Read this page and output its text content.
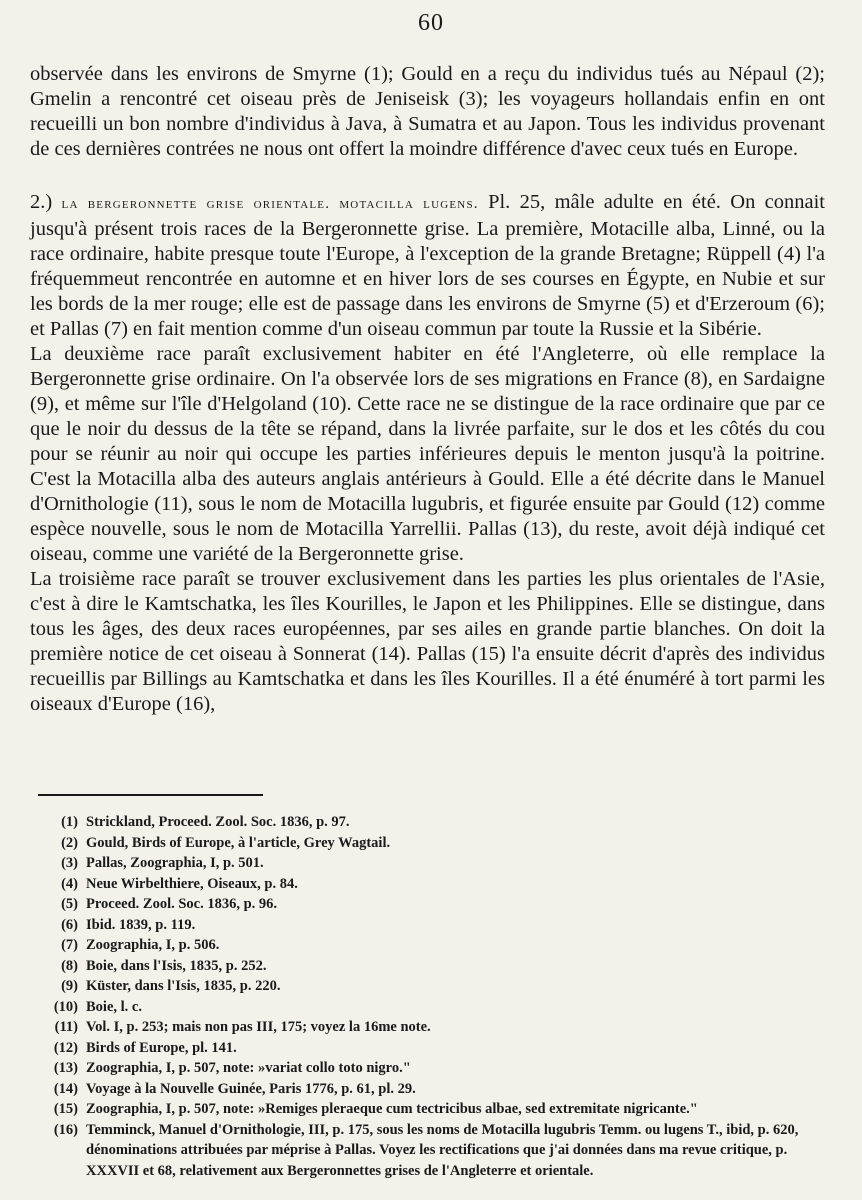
60

observée dans les environs de Smyrne (1); Gould en a reçu du individus tués au Népaul (2); Gmelin a rencontré cet oiseau près de Jeniseisk (3); les voyageurs hollandais enfin en ont recueilli un bon nombre d'individus à Java, à Sumatra et au Japon. Tous les individus provenant de ces dernières contrées ne nous ont offert la moindre différence d'avec ceux tués en Europe.

2.) la bergeronnette grise orientale. motacilla lugens. Pl. 25, mâle adulte en été. On connait jusqu'à présent trois races de la Bergeronnette grise. La première, Motacille alba, Linné, ou la race ordinaire, habite presque toute l'Europe, à l'exception de la grande Bretagne; Rüppell (4) l'a fréquemmeut rencontrée en automne et en hiver lors de ses courses en Égypte, en Nubie et sur les bords de la mer rouge; elle est de passage dans les environs de Smyrne (5) et d'Erzeroum (6); et Pallas (7) en fait mention comme d'un oiseau commun par toute la Russie et la Sibérie.

La deuxième race paraît exclusivement habiter en été l'Angleterre, où elle remplace la Bergeronnette grise ordinaire. On l'a observée lors de ses migrations en France (8), en Sardaigne (9), et même sur l'île d'Helgoland (10). Cette race ne se distingue de la race ordinaire que par ce que le noir du dessus de la tête se répand, dans la livrée parfaite, sur le dos et les côtés du cou pour se réunir au noir qui occupe les parties inférieures depuis le menton jusqu'à la poitrine. C'est la Motacilla alba des auteurs anglais antérieurs à Gould. Elle a été décrite dans le Manuel d'Ornithologie (11), sous le nom de Motacilla lugubris, et figurée ensuite par Gould (12) comme espèce nouvelle, sous le nom de Motacilla Yarrellii. Pallas (13), du reste, avoit déjà indiqué cet oiseau, comme une variété de la Bergeronnette grise.

La troisième race paraît se trouver exclusivement dans les parties les plus orientales de l'Asie, c'est à dire le Kamtschatka, les îles Kourilles, le Japon et les Philippines. Elle se distingue, dans tous les âges, des deux races européennes, par ses ailes en grande partie blanches. On doit la première notice de cet oiseau à Sonnerat (14). Pallas (15) l'a ensuite décrit d'après des individus recueillis par Billings au Kamtschatka et dans les îles Kourilles. Il a été énuméré à tort parmi les oiseaux d'Europe (16),

(1) Strickland, Proceed. Zool. Soc. 1836, p. 97.
(2) Gould, Birds of Europe, à l'article, Grey Wagtail.
(3) Pallas, Zoographia, I, p. 501.
(4) Neue Wirbelthiere, Oiseaux, p. 84.
(5) Proceed. Zool. Soc. 1836, p. 96.
(6) Ibid. 1839, p. 119.
(7) Zoographia, I, p. 506.
(8) Boie, dans l'Isis, 1835, p. 252.
(9) Küster, dans l'Isis, 1835, p. 220.
(10) Boie, l. c.
(11) Vol. I, p. 253; mais non pas III, 175; voyez la 16me note.
(12) Birds of Europe, pl. 141.
(13) Zoographia, I, p. 507, note: »variat collo toto nigro."
(14) Voyage à la Nouvelle Guinée, Paris 1776, p. 61, pl. 29.
(15) Zoographia, I, p. 507, note: »Remiges pleraeque cum tectricibus albae, sed extremitate nigricante."
(16) Temminck, Manuel d'Ornithologie, III, p. 175, sous les noms de Motacilla lugubris Temm. ou lugens T., ibid, p. 620, dénominations attribuées par méprise à Pallas. Voyez les rectifications que j'ai données dans ma revue critique, p. XXXVII et 68, relativement aux Bergeronnettes grises de l'Angleterre et orientale.
